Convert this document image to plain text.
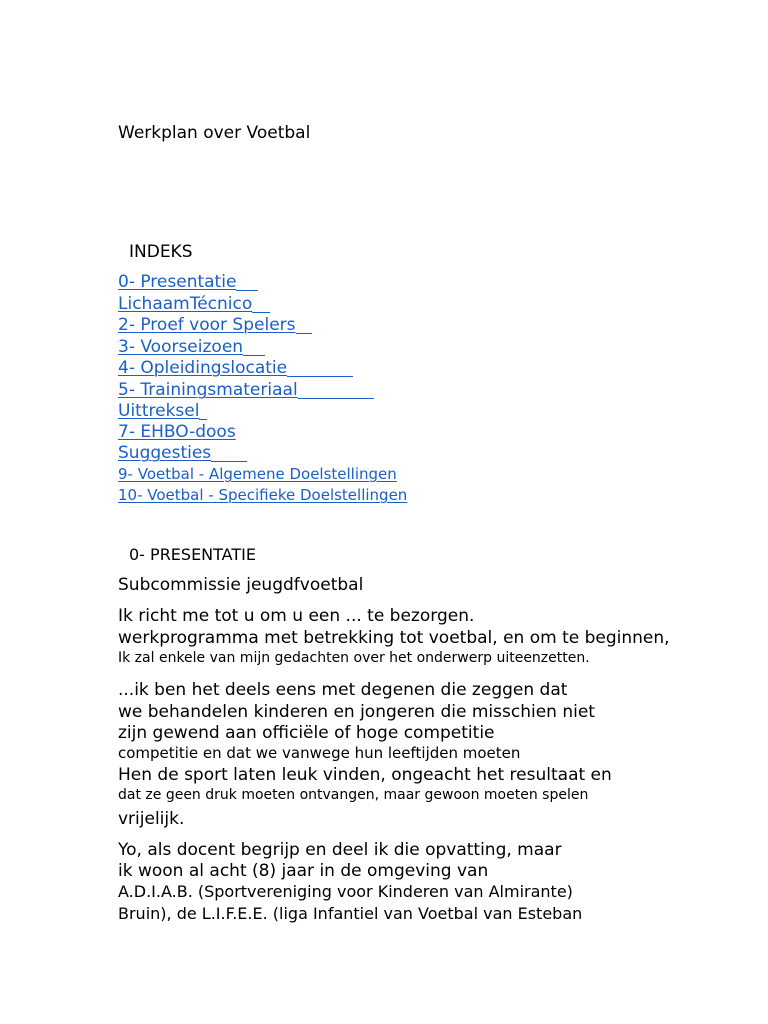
Werkplan over Voetbal
INDEKS
0- Presentatie
LichaamTécnico
2- Proef voor Spelers
3- Voorseizoen
4- Opleidingslocatie
5- Trainingsmateriaal
Uittreksel
7- EHBO-doos
Suggesties
9- Voetbal - Algemene Doelstellingen
10- Voetbal - Specifieke Doelstellingen
0- PRESENTATIE
Subcommissie jeugdfvoetbal
Ik richt me tot u om u een ... te bezorgen.
werkprogramma met betrekking tot voetbal, en om te beginnen,
Ik zal enkele van mijn gedachten over het onderwerp uiteenzetten.
...ik ben het deels eens met degenen die zeggen dat
we behandelen kinderen en jongeren die misschien niet
zijn gewend aan officiële of hoge competitie
competitie en dat we vanwege hun leeftijden moeten
Hen de sport laten leuk vinden, ongeacht het resultaat en
dat ze geen druk moeten ontvangen, maar gewoon moeten spelen
vrijelijk.
Yo, als docent begrijp en deel ik die opvatting, maar
ik woon al acht (8) jaar in de omgeving van
A.D.I.A.B. (Sportvereniging voor Kinderen van Almirante)
Bruin), de L.I.F.E.E. (liga Infantiel van Voetbal van Esteban
